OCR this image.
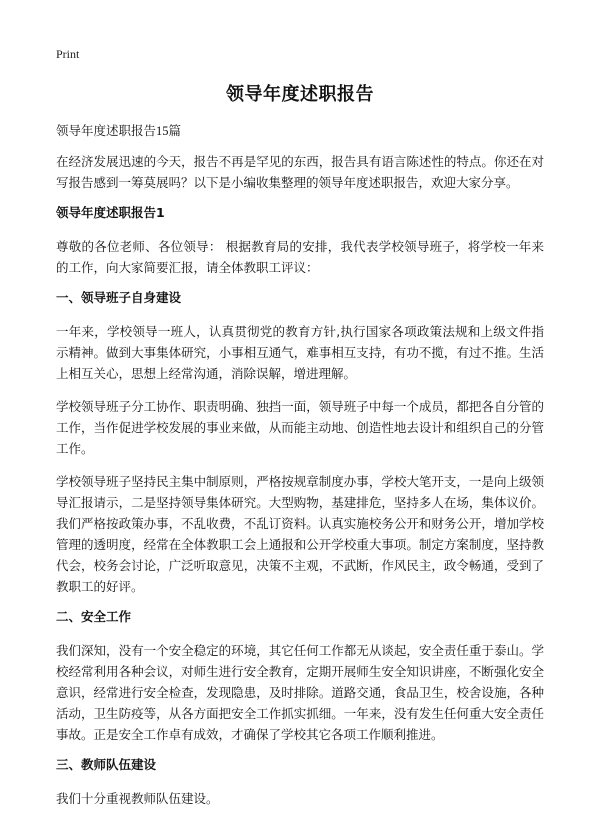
Print
领导年度述职报告
领导年度述职报告15篇

在经济发展迅速的今天，报告不再是罕见的东西，报告具有语言陈述性的特点。你还在对写报告感到一筹莫展吗？以下是小编收集整理的领导年度述职报告，欢迎大家分享。

领导年度述职报告1

尊敬的各位老师、各位领导： 根据教育局的安排，我代表学校领导班子，将学校一年来的工作，向大家简要汇报，请全体教职工评议：

一、领导班子自身建设

一年来，学校领导一班人，认真贯彻党的教育方针,执行国家各项政策法规和上级文件指示精神。做到大事集体研究，小事相互通气，难事相互支持，有功不揽，有过不推。生活上相互关心，思想上经常沟通，消除误解，增进理解。

学校领导班子分工协作、职责明确、独挡一面，领导班子中每一个成员，都把各自分管的工作，当作促进学校发展的事业来做，从而能主动地、创造性地去设计和组织自己的分管工作。

学校领导班子坚持民主集中制原则，严格按规章制度办事，学校大笔开支，一是向上级领导汇报请示，二是坚持领导集体研究。大型购物，基建排危，坚持多人在场，集体议价。我们严格按政策办事，不乱收费，不乱订资料。认真实施校务公开和财务公开，增加学校管理的透明度，经常在全体教职工会上通报和公开学校重大事项。制定方案制度，坚持教代会，校务会讨论，广泛听取意见，决策不主观，不武断，作风民主，政令畅通，受到了教职工的好评。

二、安全工作

我们深知，没有一个安全稳定的环境，其它任何工作都无从谈起，安全责任重于泰山。学校经常利用各种会议，对师生进行安全教育，定期开展师生安全知识讲座，不断强化安全意识，经常进行安全检查，发现隐患，及时排除。道路交通，食品卫生，校舍设施，各种活动，卫生防疫等，从各方面把安全工作抓实抓细。一年来，没有发生任何重大安全责任事故。正是安全工作卓有成效，才确保了学校其它各项工作顺利推进。

三、教师队伍建设

我们十分重视教师队伍建设。
